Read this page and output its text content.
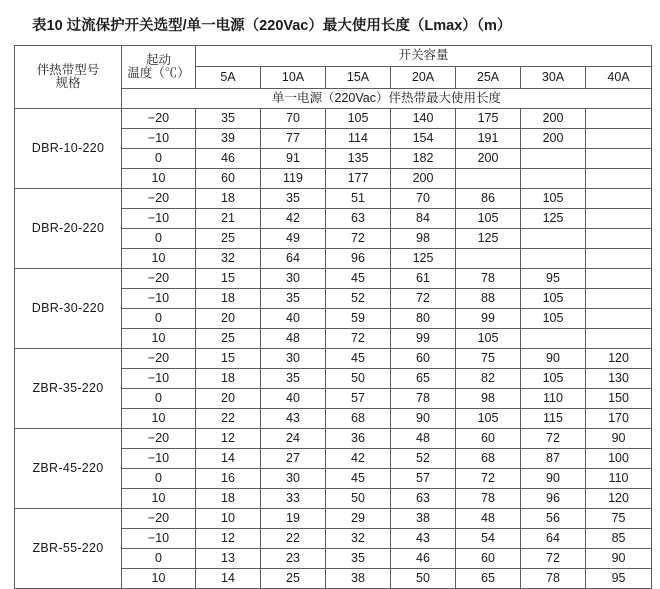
表10 过流保护开关选型/单一电源（220Vac）最大使用长度（Lmax）（m）
伴热带型号
规格

起动
温度（℃）
	开关容量
		5A	10A	15A	20A	25A	30A	40A
	单一电源（220Vac）伴热带最大使用长度							
DBR-10-220	−20	35	70	105	140	175	200	
	−10	39	77	114	154	191	200	
	0	46	91	135	182	200		
	10	60	119	177	200			
DBR-20-220	−20	18	35	51	70	86	105	
	−10	21	42	63	84	105	125	
	0	25	49	72	98	125		
	10	32	64	96	125			
DBR-30-220	−20	15	30	45	61	78	95	
	−10	18	35	52	72	88	105	
	0	20	40	59	80	99	105	
	10	25	48	72	99	105		
ZBR-35-220	−20	15	30	45	60	75	90	120
	−10	18	35	50	65	82	105	130
	0	20	40	57	78	98	110	150
	10	22	43	68	90	105	115	170
ZBR-45-220	−20	12	24	36	48	60	72	90
	−10	14	27	42	52	68	87	100
	0	16	30	45	57	72	90	110
	10	18	33	50	63	78	96	120
ZBR-55-220	−20	10	19	29	38	48	56	75
	−10	12	22	32	43	54	64	85
	0	13	23	35	46	60	72	90
	10	14	25	38	50	65	78	95
